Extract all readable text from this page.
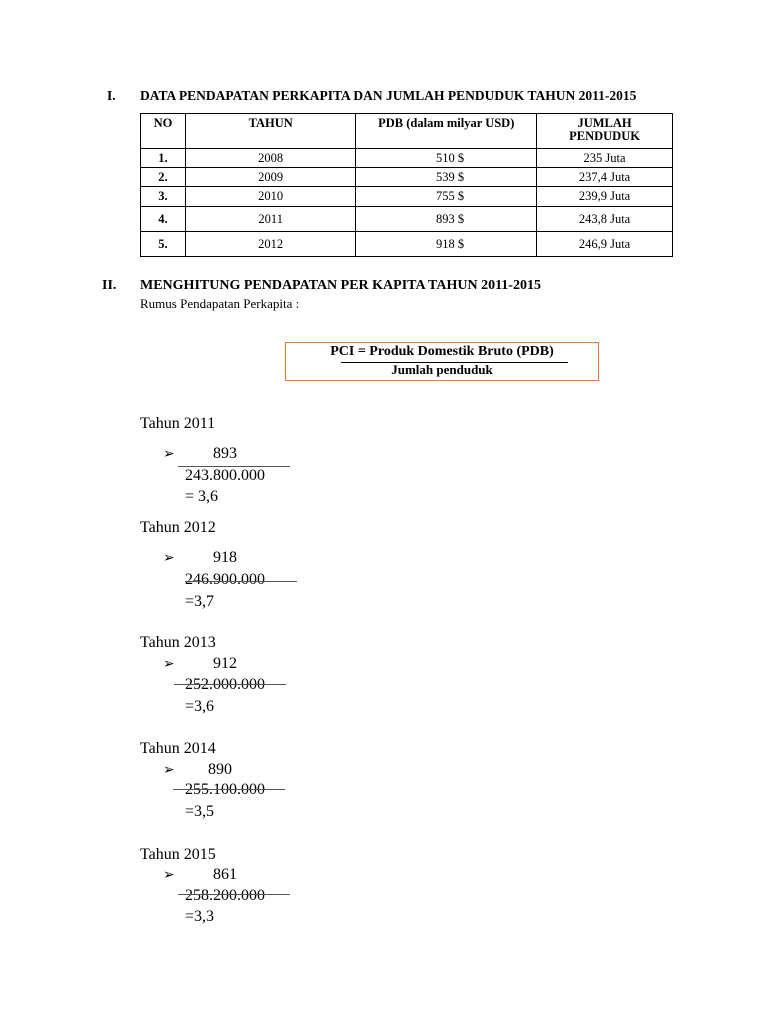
I. DATA PENDAPATAN PERKAPITA DAN JUMLAH PENDUDUK TAHUN 2011-2015
NO	TAHUN	PDB (dalam milyar USD)	JUMLAH PENDUDUK
1.	2008	510 $	235 Juta
2.	2009	539 $	237,4 Juta
3.	2010	755 $	239,9 Juta
4.	2011	893 $	243,8 Juta
5.	2012	918 $	246,9 Juta
II. MENGHITUNG PENDAPATAN PER KAPITA TAHUN 2011-2015
Rumus Pendapatan Perkapita :
PCI = Produk Domestik Bruto (PDB)
Jumlah penduduk
Tahun 2011
➢ 893
243.800.000
= 3,6
Tahun 2012
➢ 918
246.900.000
=3,7
Tahun 2013
➢ 912
252.000.000
=3,6
Tahun 2014
➢ 890
255.100.000
=3,5
Tahun 2015
➢ 861
258.200.000
=3,3
